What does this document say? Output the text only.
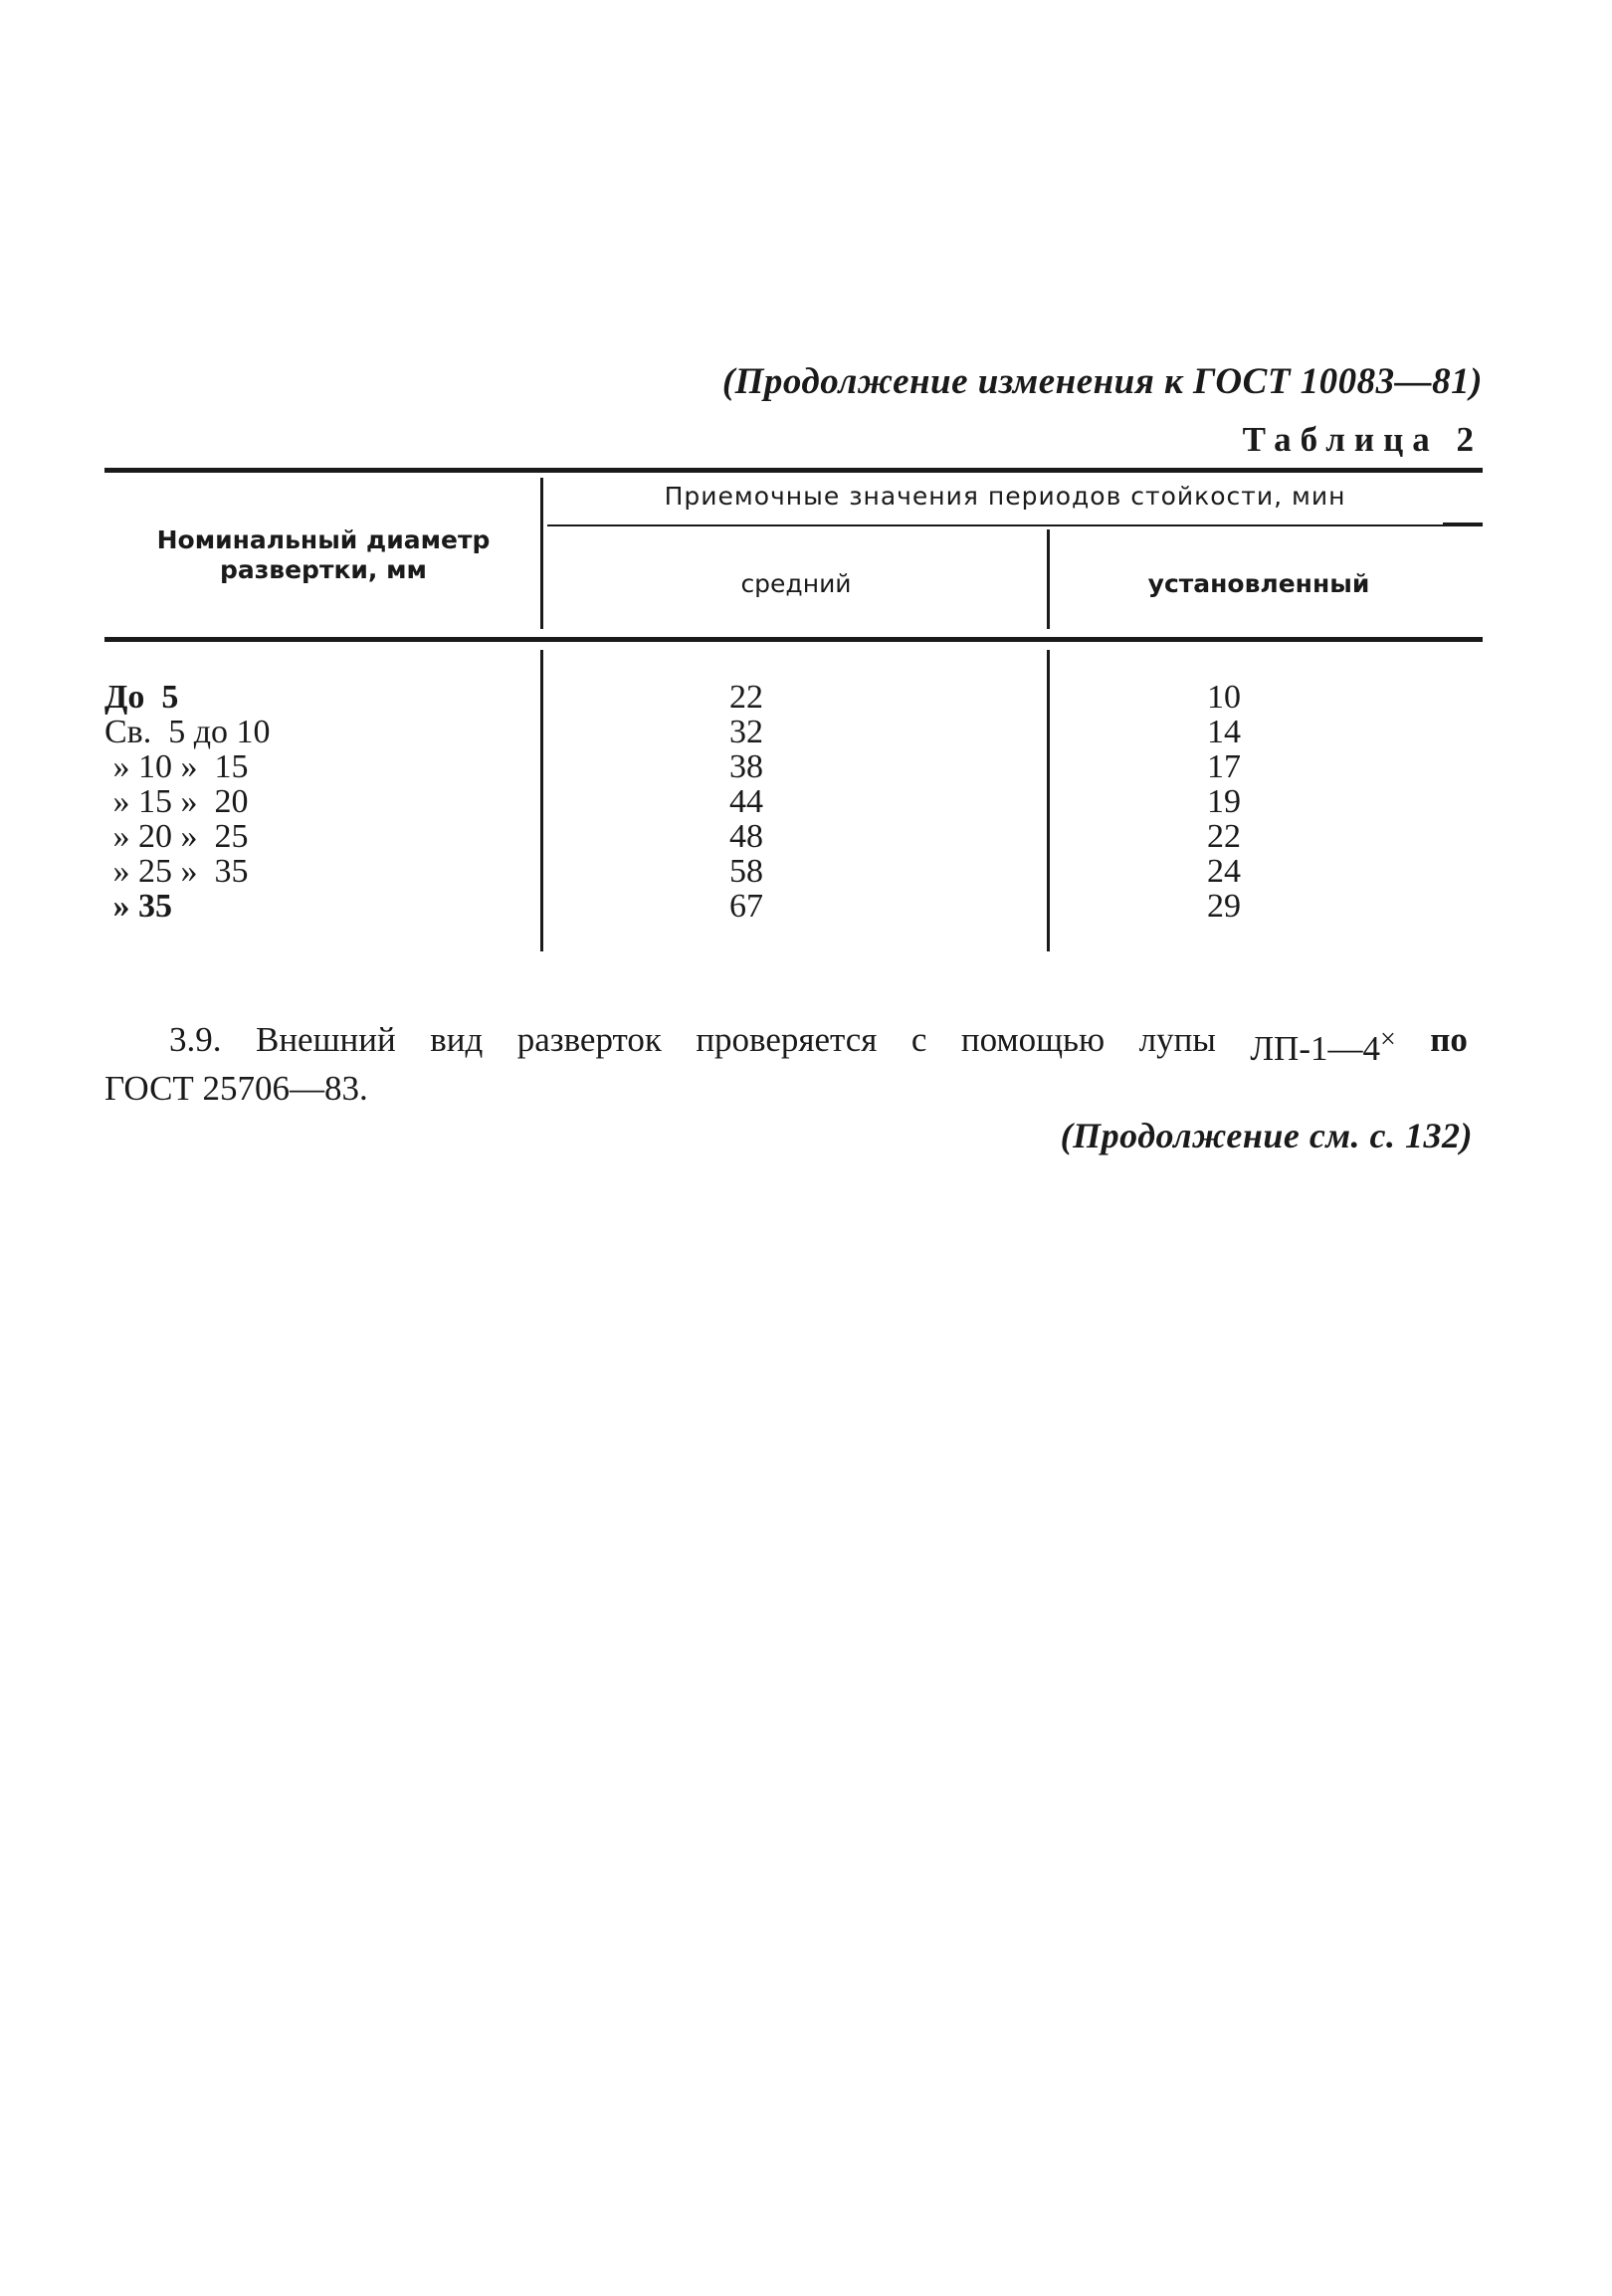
(Продолжение изменения к ГОСТ 10083—81)
Таблица 2
Номинальный диаметр
развертки, мм
Приемочные значения периодов стойкости, мин
средний	установленный
До  5	22	10
Св.  5 до 10	32	14
» 10 »  15	38	17
» 15 »  20	44	19
» 20 »  25	48	22
» 25 »  35	58	24
» 35	67	29
3.9. Внешний вид разверток проверяется с помощью лупы ЛП-1—4× по
ГОСТ 25706—83.
(Продолжение см. с. 132)
